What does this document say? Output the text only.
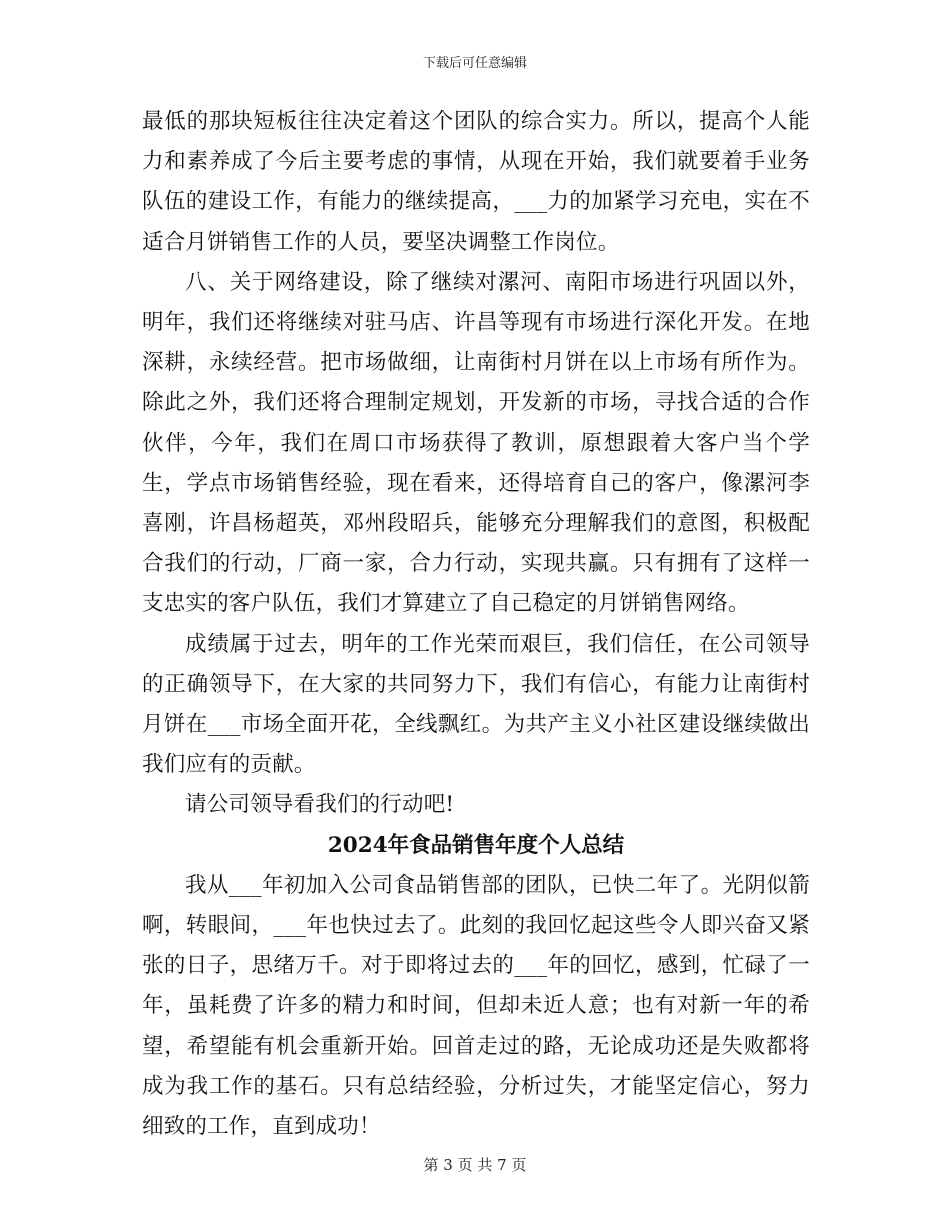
下载后可任意编辑

最低的那块短板往往决定着这个团队的综合实力。所以，提高个人能力和素养成了今后主要考虑的事情，从现在开始，我们就要着手业务队伍的建设工作，有能力的继续提高，___力的加紧学习充电，实在不适合月饼销售工作的人员，要坚决调整工作岗位。

八、关于网络建设，除了继续对漯河、南阳市场进行巩固以外，明年，我们还将继续对驻马店、许昌等现有市场进行深化开发。在地深耕，永续经营。把市场做细，让南街村月饼在以上市场有所作为。除此之外，我们还将合理制定规划，开发新的市场，寻找合适的合作伙伴，今年，我们在周口市场获得了教训，原想跟着大客户当个学生，学点市场销售经验，现在看来，还得培育自己的客户，像漯河李喜刚，许昌杨超英，邓州段昭兵，能够充分理解我们的意图，积极配合我们的行动，厂商一家，合力行动，实现共赢。只有拥有了这样一支忠实的客户队伍，我们才算建立了自己稳定的月饼销售网络。

成绩属于过去，明年的工作光荣而艰巨，我们信任，在公司领导的正确领导下，在大家的共同努力下，我们有信心，有能力让南街村月饼在___市场全面开花，全线飘红。为共产主义小社区建设继续做出我们应有的贡献。

请公司领导看我们的行动吧!

2024年食品销售年度个人总结

我从___年初加入公司食品销售部的团队，已快二年了。光阴似箭啊，转眼间，___年也快过去了。此刻的我回忆起这些令人即兴奋又紧张的日子，思绪万千。对于即将过去的___年的回忆，感到，忙碌了一年，虽耗费了许多的精力和时间，但却未近人意；也有对新一年的希望，希望能有机会重新开始。回首走过的路，无论成功还是失败都将成为我工作的基石。只有总结经验，分析过失，才能坚定信心，努力细致的工作，直到成功！

第 3 页 共 7 页
